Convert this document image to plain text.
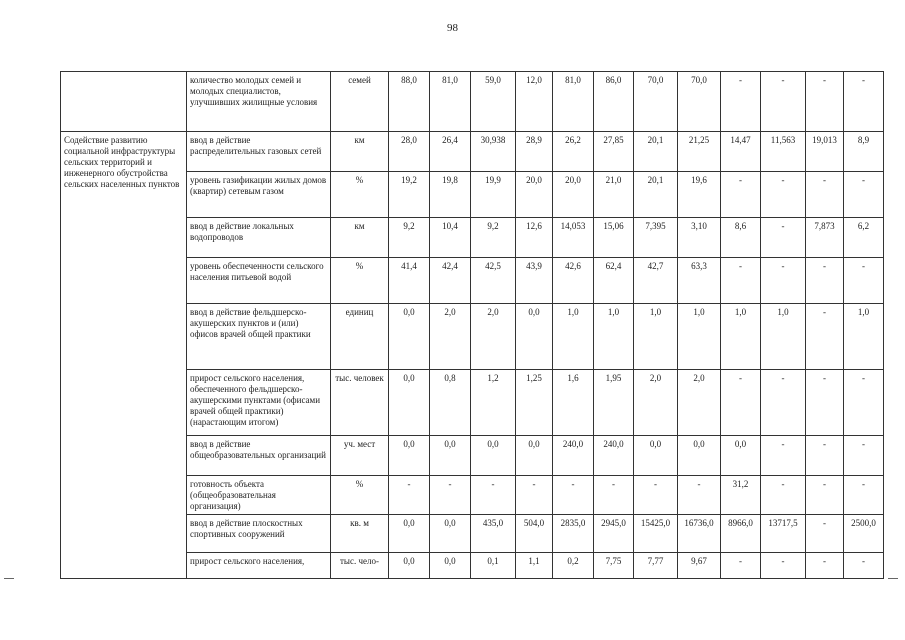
98
	количество молодых семей и молодых специалистов, улучшивших жилищные условия	семей	88,0	81,0	59,0	12,0	81,0	86,0	70,0	70,0	-	-	-	-
Содействие развитию социальной инфраструктуры сельских территорий и инженерного обустройства сельских населенных пунктов	ввод в действие распределительных газовых сетей	км	28,0	26,4	30,938	28,9	26,2	27,85	20,1	21,25	14,47	11,563	19,013	8,9
	уровень газификации жилых домов (квартир) сетевым газом	%	19,2	19,8	19,9	20,0	20,0	21,0	20,1	19,6	-	-	-	-
	ввод в действие локальных водопроводов	км	9,2	10,4	9,2	12,6	14,053	15,06	7,395	3,10	8,6	-	7,873	6,2
	уровень обеспеченности сельского населения питьевой водой	%	41,4	42,4	42,5	43,9	42,6	62,4	42,7	63,3	-	-	-	-
	ввод в действие фельдшерско-акушерских пунктов и (или) офисов врачей общей практики	единиц	0,0	2,0	2,0	0,0	1,0	1,0	1,0	1,0	1,0	1,0	-	1,0
	прирост сельского населения, обеспеченного фельдшерско-акушерскими пунктами (офисами врачей общей практики) (нарастающим итогом)	тыс. человек	0,0	0,8	1,2	1,25	1,6	1,95	2,0	2,0	-	-	-	-
	ввод в действие общеобразовательных организаций	уч. мест	0,0	0,0	0,0	0,0	240,0	240,0	0,0	0,0	0,0	-	-	-
	готовность объекта (общеобразовательная организация)	%	-	-	-	-	-	-	-	-	31,2	-	-	-
	ввод в действие плоскостных спортивных сооружений	кв. м	0,0	0,0	435,0	504,0	2835,0	2945,0	15425,0	16736,0	8966,0	13717,5	-	2500,0
	прирост сельского населения,	тыс. чело-	0,0	0,0	0,1	1,1	0,2	7,75	7,77	9,67	-	-	-	-
